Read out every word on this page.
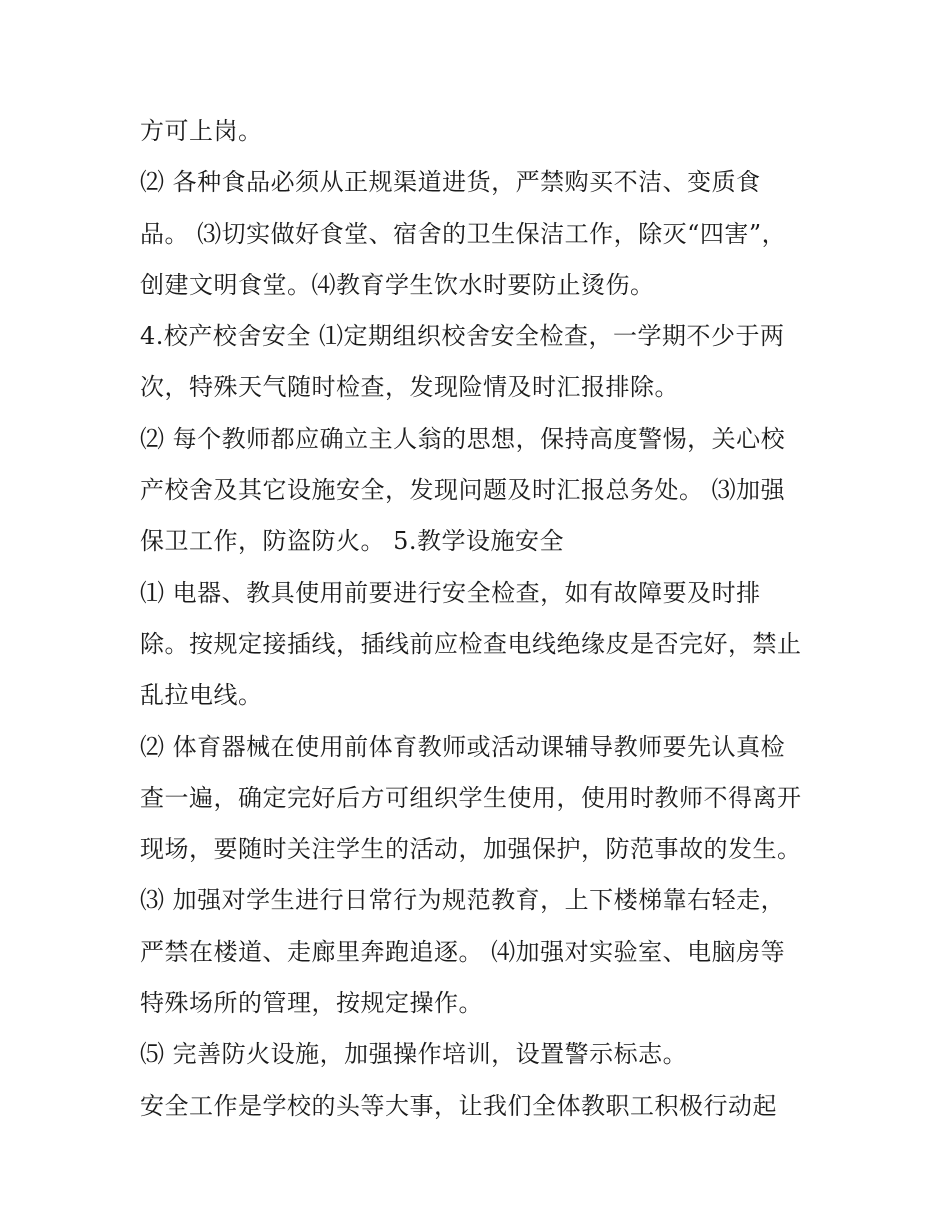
方可上岗。
⑵ 各种食品必须从正规渠道进货，严禁购买不洁、变质食
品。 ⑶切实做好食堂、宿舍的卫生保洁工作，除灭“四害”，
创建文明食堂。⑷教育学生饮水时要防止烫伤。
4.校产校舍安全 ⑴定期组织校舍安全检查，一学期不少于两
次，特殊天气随时检查，发现险情及时汇报排除。
⑵ 每个教师都应确立主人翁的思想，保持高度警惕，关心校
产校舍及其它设施安全，发现问题及时汇报总务处。 ⑶加强
保卫工作，防盗防火。 5.教学设施安全
⑴ 电器、教具使用前要进行安全检查，如有故障要及时排
除。按规定接插线，插线前应检查电线绝缘皮是否完好，禁止
乱拉电线。
⑵ 体育器械在使用前体育教师或活动课辅导教师要先认真检
查一遍，确定完好后方可组织学生使用，使用时教师不得离开
现场，要随时关注学生的活动，加强保护，防范事故的发生。
⑶ 加强对学生进行日常行为规范教育，上下楼梯靠右轻走，
严禁在楼道、走廊里奔跑追逐。 ⑷加强对实验室、电脑房等
特殊场所的管理，按规定操作。
⑸ 完善防火设施，加强操作培训，设置警示标志。
安全工作是学校的头等大事，让我们全体教职工积极行动起
